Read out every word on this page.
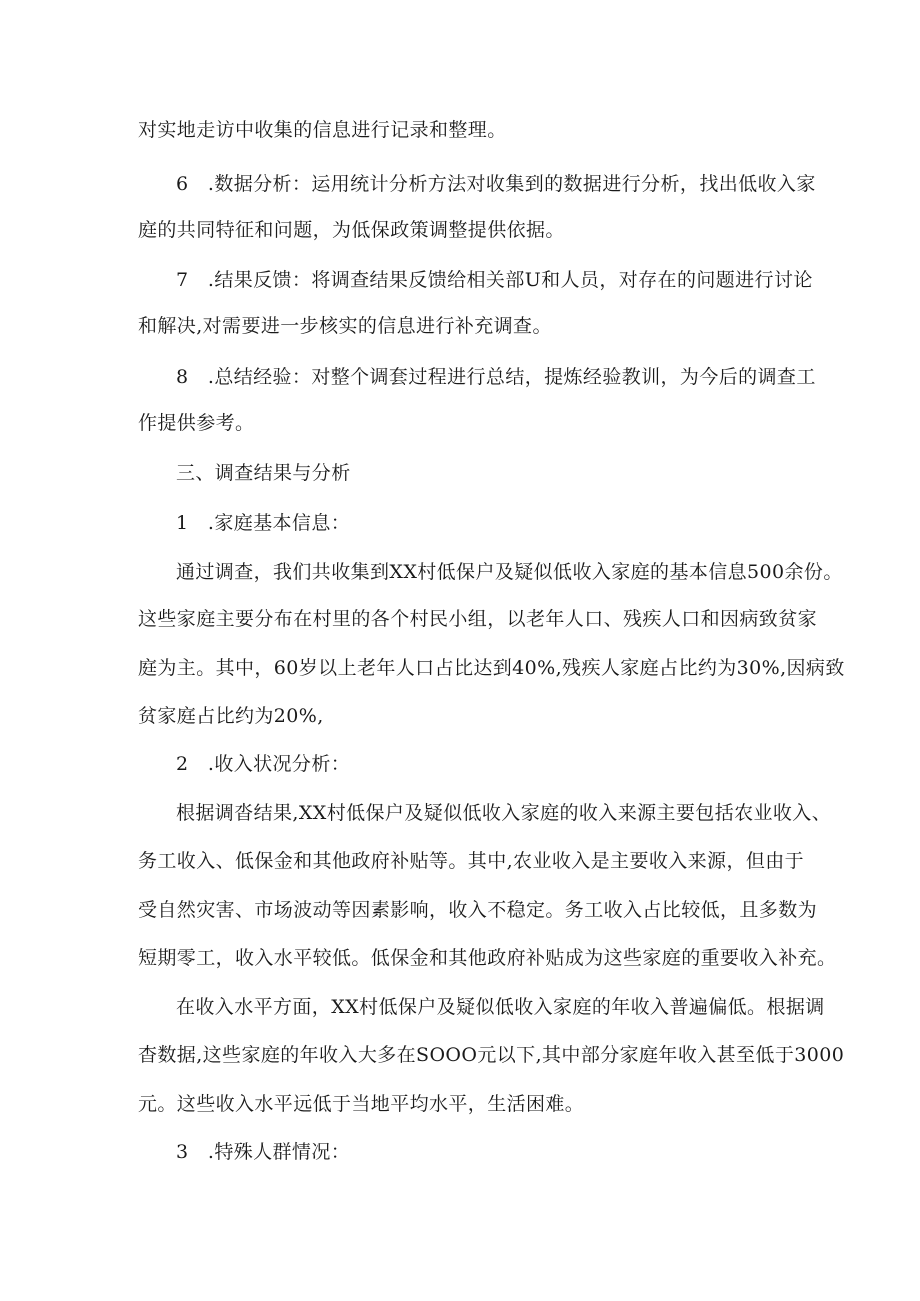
对实地走访中收集的信息进行记录和整理。
6　.数据分析：运用统计分析方法对收集到的数据进行分析，找出低收入家
庭的共同特征和问题，为低保政策调整提供依据。
7　.结果反馈：将调查结果反馈给相关部U和人员，对存在的问题进行讨论
和解决,对需要进一步核实的信息进行补充调查。
8　.总结经验：对整个调套过程进行总结，提炼经验教训，为今后的调查工
作提供参考。
三、调查结果与分析
1　.家庭基本信息：
通过调查，我们共收集到XX村低保户及疑似低收入家庭的基本信息500余份。
这些家庭主要分布在村里的各个村民小组，以老年人口、残疾人口和因病致贫家
庭为主。其中，60岁以上老年人口占比达到40%,残疾人家庭占比约为30%,因病致
贫家庭占比约为20%,
2　.收入状况分析：
根据调沓结果,XX村低保户及疑似低收入家庭的收入来源主要包括农业收入、
务工收入、低保金和其他政府补贴等。其中,农业收入是主要收入来源，但由于
受自然灾害、市场波动等因素影响，收入不稳定。务工收入占比较低，且多数为
短期零工，收入水平较低。低保金和其他政府补贴成为这些家庭的重要收入补充。
在收入水平方面，XX村低保户及疑似低收入家庭的年收入普遍偏低。根据调
杳数据,这些家庭的年收入大多在SOOO元以下,其中部分家庭年收入甚至低于3000
元。这些收入水平远低于当地平均水平，生活困难。
3　.特殊人群情况：
